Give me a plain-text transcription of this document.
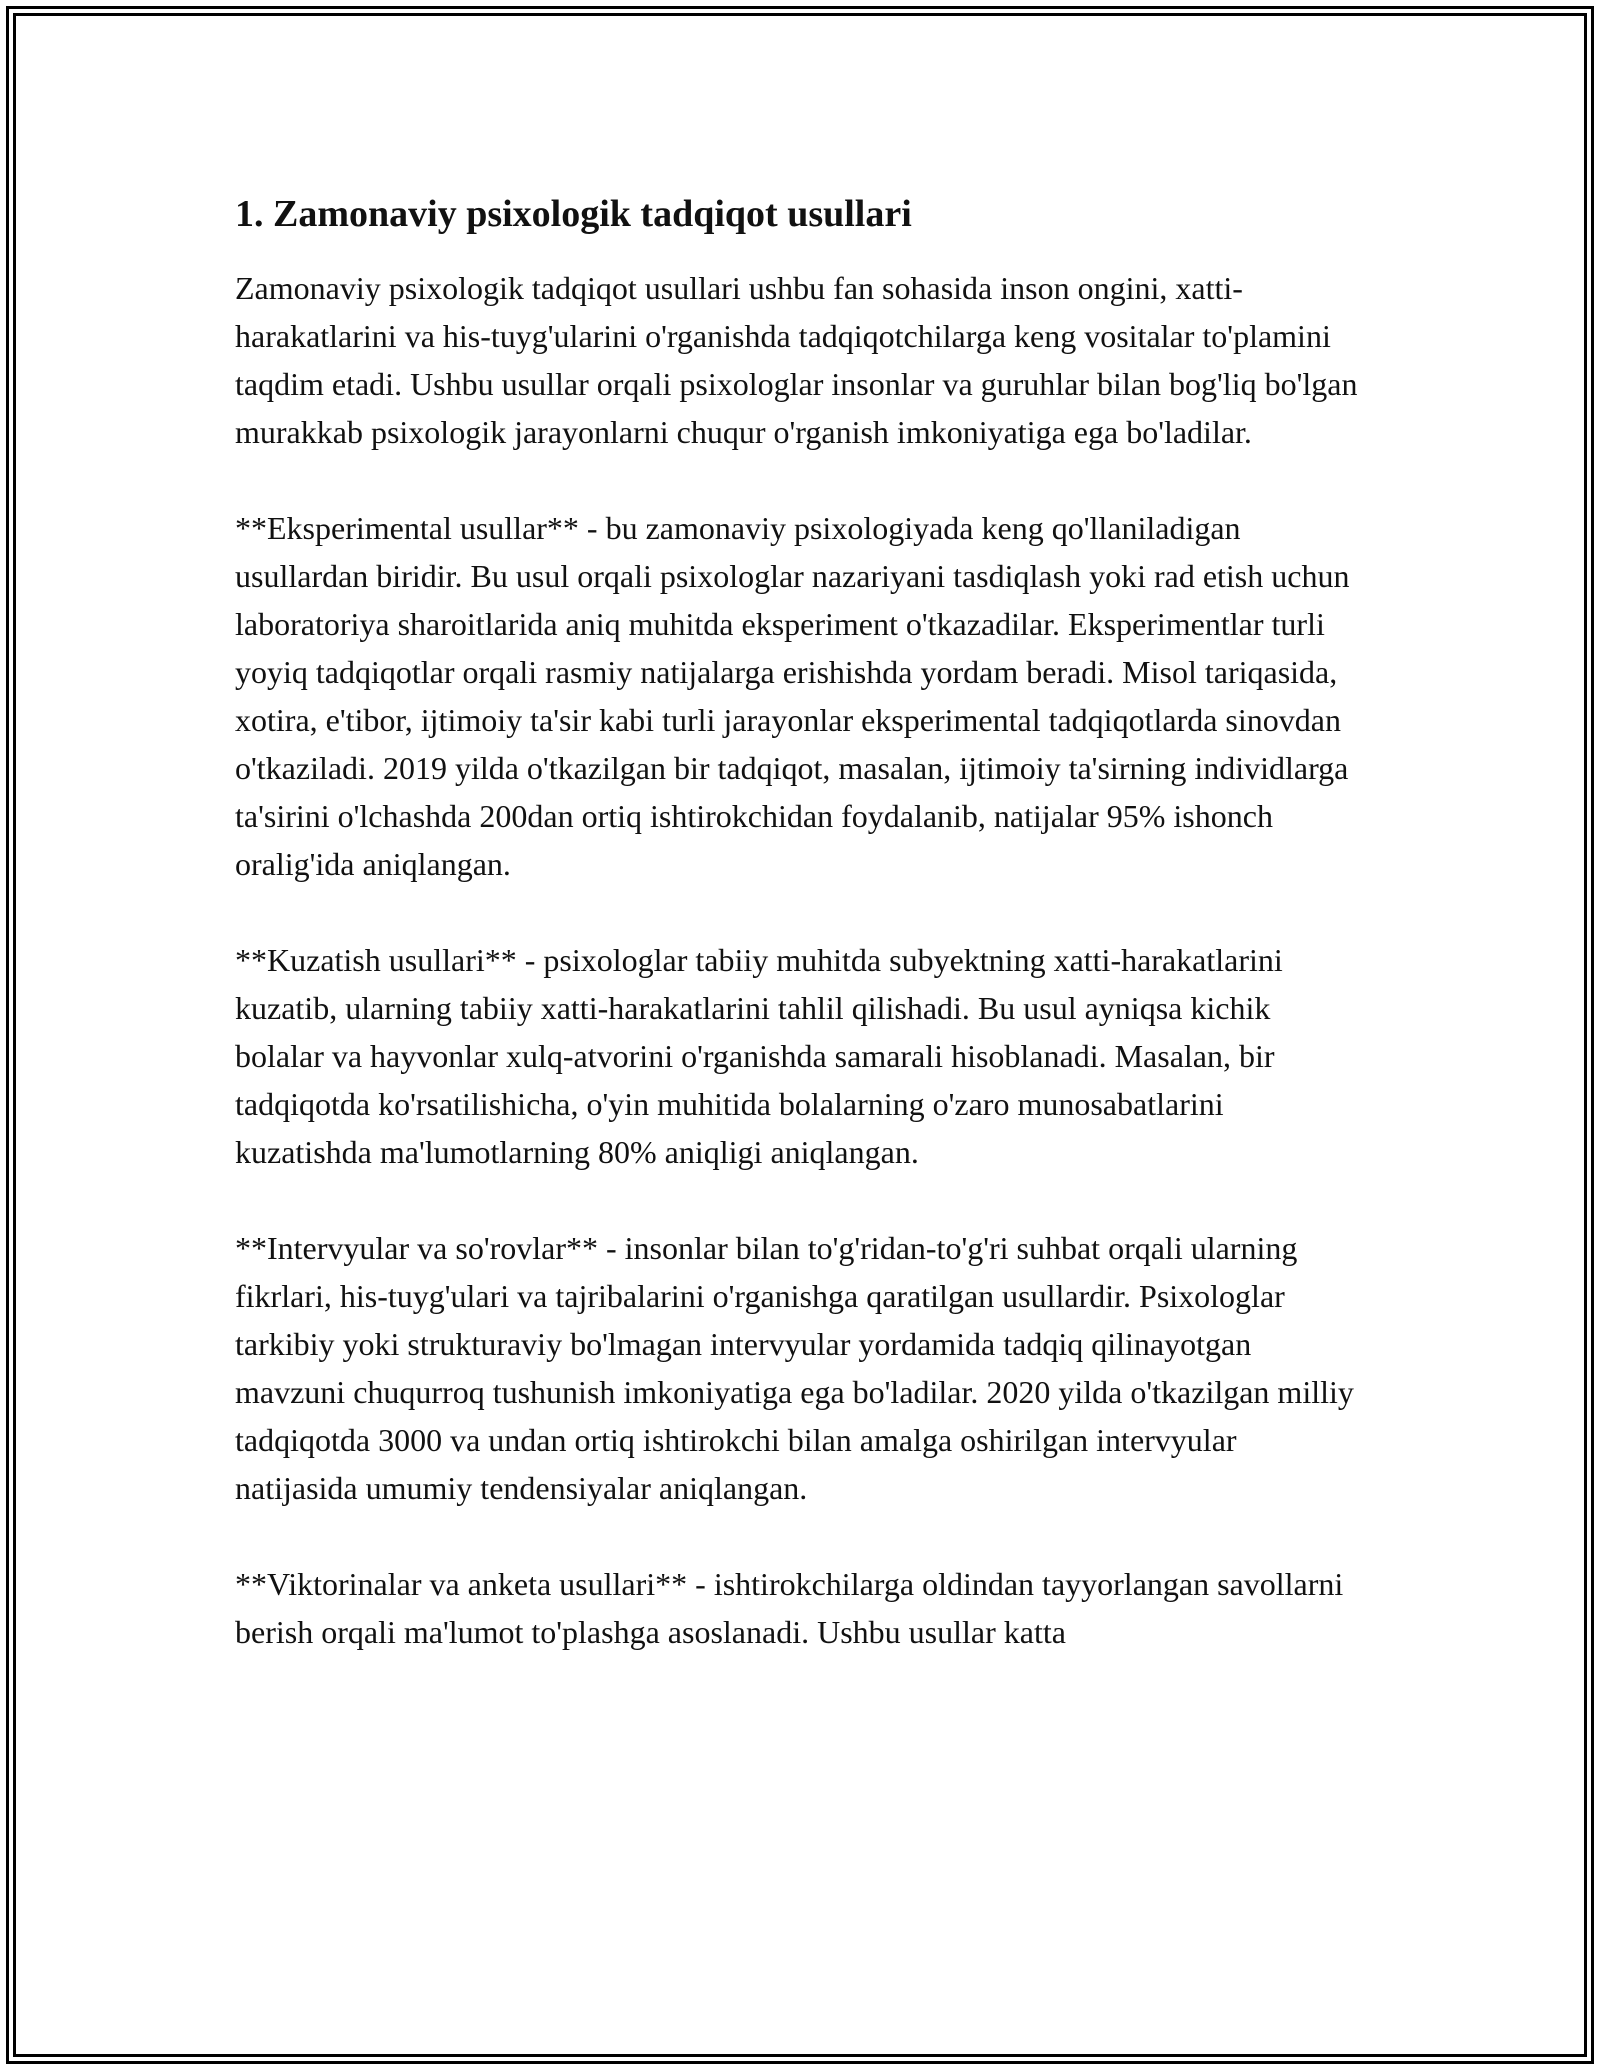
1. Zamonaviy psixologik tadqiqot usullari

Zamonaviy psixologik tadqiqot usullari ushbu fan sohasida inson ongini, xatti-harakatlarini va his-tuyg'ularini o'rganishda tadqiqotchilarga keng vositalar to'plamini taqdim etadi. Ushbu usullar orqali psixologlar insonlar va guruhlar bilan bog'liq bo'lgan murakkab psixologik jarayonlarni chuqur o'rganish imkoniyatiga ega bo'ladilar.

**Eksperimental usullar** - bu zamonaviy psixologiyada keng qo'llaniladigan usullardan biridir. Bu usul orqali psixologlar nazariyani tasdiqlash yoki rad etish uchun laboratoriya sharoitlarida aniq muhitda eksperiment o'tkazadilar. Eksperimentlar turli yoyiq tadqiqotlar orqali rasmiy natijalarga erishishda yordam beradi. Misol tariqasida, xotira, e'tibor, ijtimoiy ta'sir kabi turli jarayonlar eksperimental tadqiqotlarda sinovdan o'tkaziladi. 2019 yilda o'tkazilgan bir tadqiqot, masalan, ijtimoiy ta'sirning individlarga ta'sirini o'lchashda 200dan ortiq ishtirokchidan foydalanib, natijalar 95% ishonch oralig'ida aniqlangan.

**Kuzatish usullari** - psixologlar tabiiy muhitda subyektning xatti-harakatlarini kuzatib, ularning tabiiy xatti-harakatlarini tahlil qilishadi. Bu usul ayniqsa kichik bolalar va hayvonlar xulq-atvorini o'rganishda samarali hisoblanadi. Masalan, bir tadqiqotda ko'rsatilishicha, o'yin muhitida bolalarning o'zaro munosabatlarini kuzatishda ma'lumotlarning 80% aniqligi aniqlangan.

**Intervyular va so'rovlar** - insonlar bilan to'g'ridan-to'g'ri suhbat orqali ularning fikrlari, his-tuyg'ulari va tajribalarini o'rganishga qaratilgan usullardir. Psixologlar tarkibiy yoki strukturaviy bo'lmagan intervyular yordamida tadqiq qilinayotgan mavzuni chuqurroq tushunish imkoniyatiga ega bo'ladilar. 2020 yilda o'tkazilgan milliy tadqiqotda 3000 va undan ortiq ishtirokchi bilan amalga oshirilgan intervyular natijasida umumiy tendensiyalar aniqlangan.

**Viktorinalar va anketa usullari** - ishtirokchilarga oldindan tayyorlangan savollarni berish orqali ma'lumot to'plashga asoslanadi. Ushbu usullar katta
